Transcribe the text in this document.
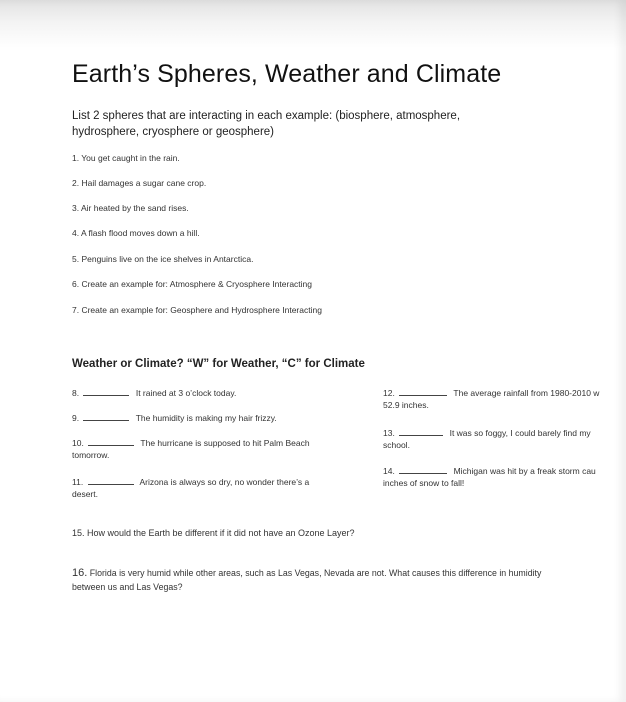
Earth’s Spheres, Weather and Climate

List 2 spheres that are interacting in each example: (biosphere, atmosphere, hydrosphere, cryosphere or geosphere)

1. You get caught in the rain.
2. Hail damages a sugar cane crop.
3. Air heated by the sand rises.
4. A flash flood moves down a hill.
5. Penguins live on the ice shelves in Antarctica.
6. Create an example for: Atmosphere & Cryosphere Interacting
7. Create an example for: Geosphere and Hydrosphere Interacting
Weather or Climate? “W” for Weather, “C” for Climate
8.	It rained at 3 o’clock today.
9.	The humidity is making my hair frizzy.
10.	The hurricane is supposed to hit Palm Beach
tomorrow.
11.	Arizona is always so dry, no wonder there’s a
desert.
12.	The average rainfall from 1980-2010 w
52.9 inches.
13.	It was so foggy, I could barely find my
school.
14.	Michigan was hit by a freak storm cau
inches of snow to fall!
15. How would the Earth be different if it did not have an Ozone Layer?
16. Florida is very humid while other areas, such as Las Vegas, Nevada are not. What causes this difference in humidity between us and Las Vegas?
